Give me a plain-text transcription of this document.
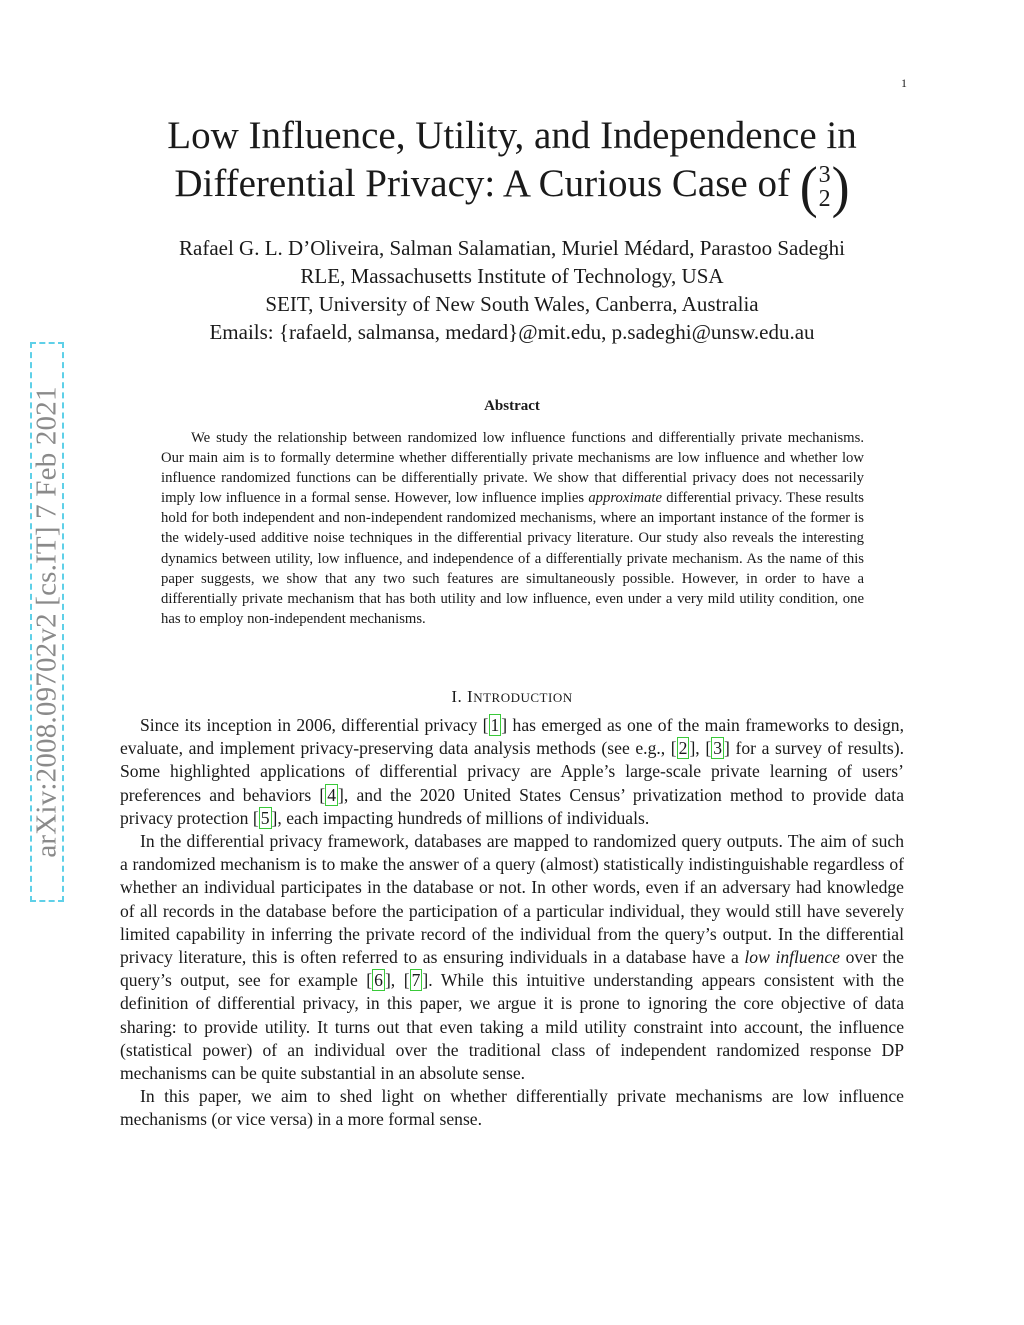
1
arXiv:2008.09702v2 [cs.IT] 7 Feb 2021
Low Influence, Utility, and Independence in
Differential Privacy: A Curious Case of ( 3
2 )
Rafael G. L. D’Oliveira, Salman Salamatian, Muriel Médard, Parastoo Sadeghi
RLE, Massachusetts Institute of Technology, USA
SEIT, University of New South Wales, Canberra, Australia
Emails: {rafaeld, salmansa, medard}@mit.edu, p.sadeghi@unsw.edu.au
Abstract

We study the relationship between randomized low influence functions and differentially private mechanisms. Our main aim is to formally determine whether differentially private mechanisms are low influence and whether low influence randomized functions can be differentially private. We show that differential privacy does not necessarily imply low influence in a formal sense. However, low influence implies approximate differential privacy. These results hold for both independent and non-independent randomized mechanisms, where an important instance of the former is the widely-used additive noise techniques in the differential privacy literature. Our study also reveals the interesting dynamics between utility, low influence, and independence of a differentially private mechanism. As the name of this paper suggests, we show that any two such features are simultaneously possible. However, in order to have a differentially private mechanism that has both utility and low influence, even under a very mild utility condition, one has to employ non-independent mechanisms.

I. INTRODUCTION

Since its inception in 2006, differential privacy [ 1 ] has emerged as one of the main frameworks to design, evaluate, and implement privacy-preserving data analysis methods (see e.g., [ 2 ], [ 3 ] for a survey of results). Some highlighted applications of differential privacy are Apple’s large-scale private learning of users’ preferences and behaviors [ 4 ], and the 2020 United States Census’ privatization method to provide data privacy protection [ 5 ], each impacting hundreds of millions of individuals.

In the differential privacy framework, databases are mapped to randomized query outputs. The aim of such a randomized mechanism is to make the answer of a query (almost) statistically indistinguishable regardless of whether an individual participates in the database or not. In other words, even if an adversary had knowledge of all records in the database before the participation of a particular individual, they would still have severely limited capability in inferring the private record of the individual from the query’s output. In the differential privacy literature, this is often referred to as ensuring individuals in a database have a low influence over the query’s output, see for example [ 6 ], [ 7 ]. While this intuitive understanding appears consistent with the definition of differential privacy, in this paper, we argue it is prone to ignoring the core objective of data sharing: to provide utility. It turns out that even taking a mild utility constraint into account, the influence (statistical power) of an individual over the traditional class of independent randomized response DP mechanisms can be quite substantial in an absolute sense.

In this paper, we aim to shed light on whether differentially private mechanisms are low influence mechanisms (or vice versa) in a more formal sense.
